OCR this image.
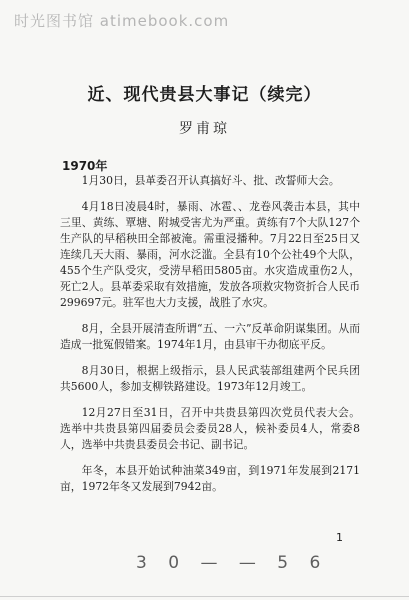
时光图书馆 atimebook.com
近、现代贵县大事记（续完）
罗甫琼
1970年

1月30日，县革委召开认真搞好斗、批、改誓师大会。

4月18日凌晨4时，暴雨、冰雹、、龙卷风袭击本县，其中三里、黄练、覃塘、附城受害尤为严重。黄练有7个大队127个生产队的早稻秧田全部被淹。需重浸播种。7月22日至25日又连续几天大雨、暴雨，河水泛滥。全县有10个公社49个大队，455个生产队受灾，受涝早稻田5805亩。水灾造成重伤2人，死亡2人。县革委采取有效措施，发放各项救灾物资折合人民币299697元。驻军也大力支援，战胜了水灾。

8月，全县开展清查所谓“五、一六”反革命阴谋集团。从而造成一批冤假错案。1974年1月，由县审干办彻底平反。

8月30日，根据上级指示，县人民武装部组建两个民兵团共5600人，参加支柳铁路建设。1973年12月竣工。

12月27日至31日，召开中共贵县第四次党员代表大会。选举中共贵县第四届委员会委员28人，候补委员4人，常委8人，选举中共贵县委员会书记、副书记。

年冬，本县开始试种油菜349亩，到1971年发展到2171亩，1972年冬又发展到7942亩。

1
3 0 — — 5 6
